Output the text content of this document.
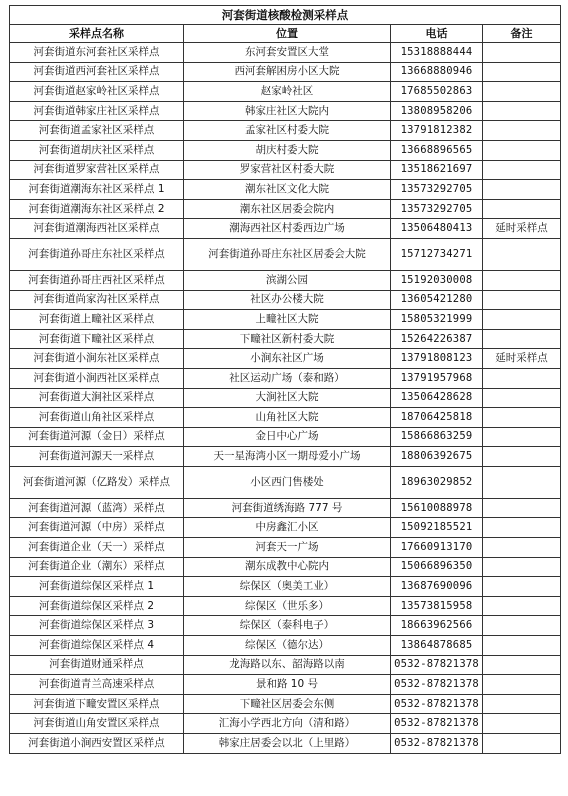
河套街道核酸检测采样点			
采样点名称	位置	电话	备注
河套街道东河套社区采样点	东河套安置区大堂	15318888444	
河套街道西河套社区采样点	西河套解困房小区大院	13668880946	
河套街道赵家岭社区采样点	赵家岭社区	17685502863	
河套街道韩家庄社区采样点	韩家庄社区大院内	13808958206	
河套街道孟家社区采样点	孟家社区村委大院	13791812382	
河套街道胡庆社区采样点	胡庆村委大院	13668896565	
河套街道罗家营社区采样点	罗家营社区村委大院	13518621697	
河套街道潮海东社区采样点 1	潮东社区文化大院	13573292705	
河套街道潮海东社区采样点 2	潮东社区居委会院内	13573292705	
河套街道潮海西社区采样点	潮海西社区村委西边广场	13506480413	延时采样点
河套街道孙哥庄东社区采样点	河套街道孙哥庄东社区居委会大院	15712734271	
河套街道孙哥庄西社区采样点	滨湖公园	15192030008	
河套街道尚家沟社区采样点	社区办公楼大院	13605421280	
河套街道上疃社区采样点	上疃社区大院	15805321999	
河套街道下疃社区采样点	下疃社区新村委大院	15264226387	
河套街道小涧东社区采样点	小涧东社区广场	13791808123	延时采样点
河套街道小涧西社区采样点	社区运动广场（泰和路）	13791957968	
河套街道大涧社区采样点	大涧社区大院	13506428628	
河套街道山角社区采样点	山角社区大院	18706425818	
河套街道河源（金日）采样点	金日中心广场	15866863259	
河套街道河源天一采样点	天一星海湾小区一期母爱小广场	18806392675	
河套街道河源（亿路发）采样点	小区西门售楼处	18963029852	
河套街道河源（蓝湾）采样点	河套街道绣海路 777 号	15610088978	
河套街道河源（中房）采样点	中房鑫汇小区	15092185521	
河套街道企业（天一）采样点	河套天一广场	17660913170	
河套街道企业（潮东）采样点	潮东成教中心院内	15066896350	
河套街道综保区采样点 1	综保区（奥美工业）	13687690096	
河套街道综保区采样点 2	综保区（世乐多）	13573815958	
河套街道综保区采样点 3	综保区（泰科电子）	18663962566	
河套街道综保区采样点 4	综保区（德尔达）	13864878685	
河套街道财通采样点	龙海路以东、韶海路以南	0532-87821378	
河套街道青兰高速采样点	景和路 10 号	0532-87821378	
河套街道下疃安置区采样点	下疃社区居委会东侧	0532-87821378	
河套街道山角安置区采样点	汇海小学西北方向（清和路）	0532-87821378	
河套街道小涧西安置区采样点	韩家庄居委会以北（上里路）	0532-87821378	
